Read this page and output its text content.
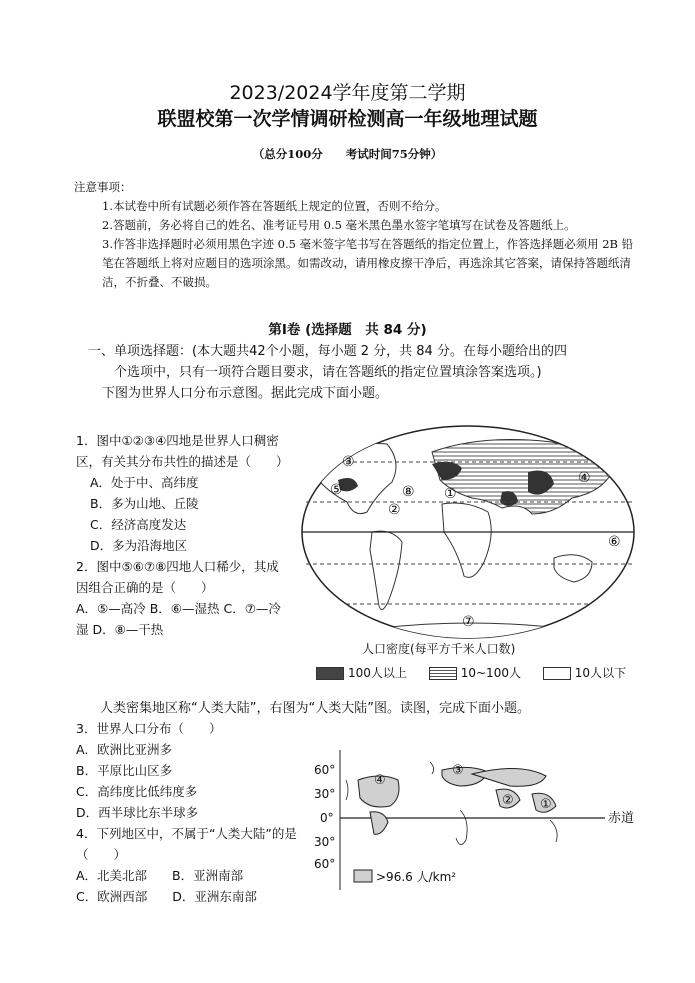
2023/2024学年度第二学期
联盟校第一次学情调研检测高一年级地理试题
（总分100分　　考试时间75分钟）

注意事项：

1.本试卷中所有试题必须作答在答题纸上规定的位置，否则不给分。

2.答题前，务必将自己的姓名、准考证号用 0.5 毫米黑色墨水签字笔填写在试卷及答题纸上。

3.作答非选择题时必须用黑色字迹 0.5 毫米签字笔书写在答题纸的指定位置上，作答选择题必须用 2B 铅笔在答题纸上将对应题目的选项涂黑。如需改动，请用橡皮擦干净后，再选涂其它答案，请保持答题纸清洁，不折叠、不破损。

第Ⅰ卷 (选择题　共 84 分)

一、单项选择题：(本大题共42个小题，每小题 2 分，共 84 分。在每小题给出的四

个选项中，只有一项符合题目要求，请在答题纸的指定位置填涂答案选项。)

下图为世界人口分布示意图。据此完成下面小题。

1．图中①②③④四地是世界人口稠密区，有关其分布共性的描述是（　　）

A．处于中、高纬度

B．多为山地、丘陵

C．经济高度发达

D．多为沿海地区

2．图中⑤⑥⑦⑧四地人口稀少，其成因组合正确的是（　　）

A．⑤—高冷 B．⑥—湿热 C．⑦—冷湿 D．⑧—干热

①
②
③
④
⑤
⑥
⑦
⑧
人口密度(每平方千米人口数)
100人以上	10~100人	10人以下
人类密集地区称“人类大陆”，右图为“人类大陆”图。读图，完成下面小题。

3．世界人口分布（　　）

A．欧洲比亚洲多

B．平原比山区多

C．高纬度比低纬度多

D．西半球比东半球多

4．下列地区中，不属于“人类大陆”的是（　　）

A．北美北部　　B．亚洲南部

C．欧洲西部　　D．亚洲东南部

60°
30°
0°
30°
60°
赤道
①
②
③
④
>96.6 人/km²
